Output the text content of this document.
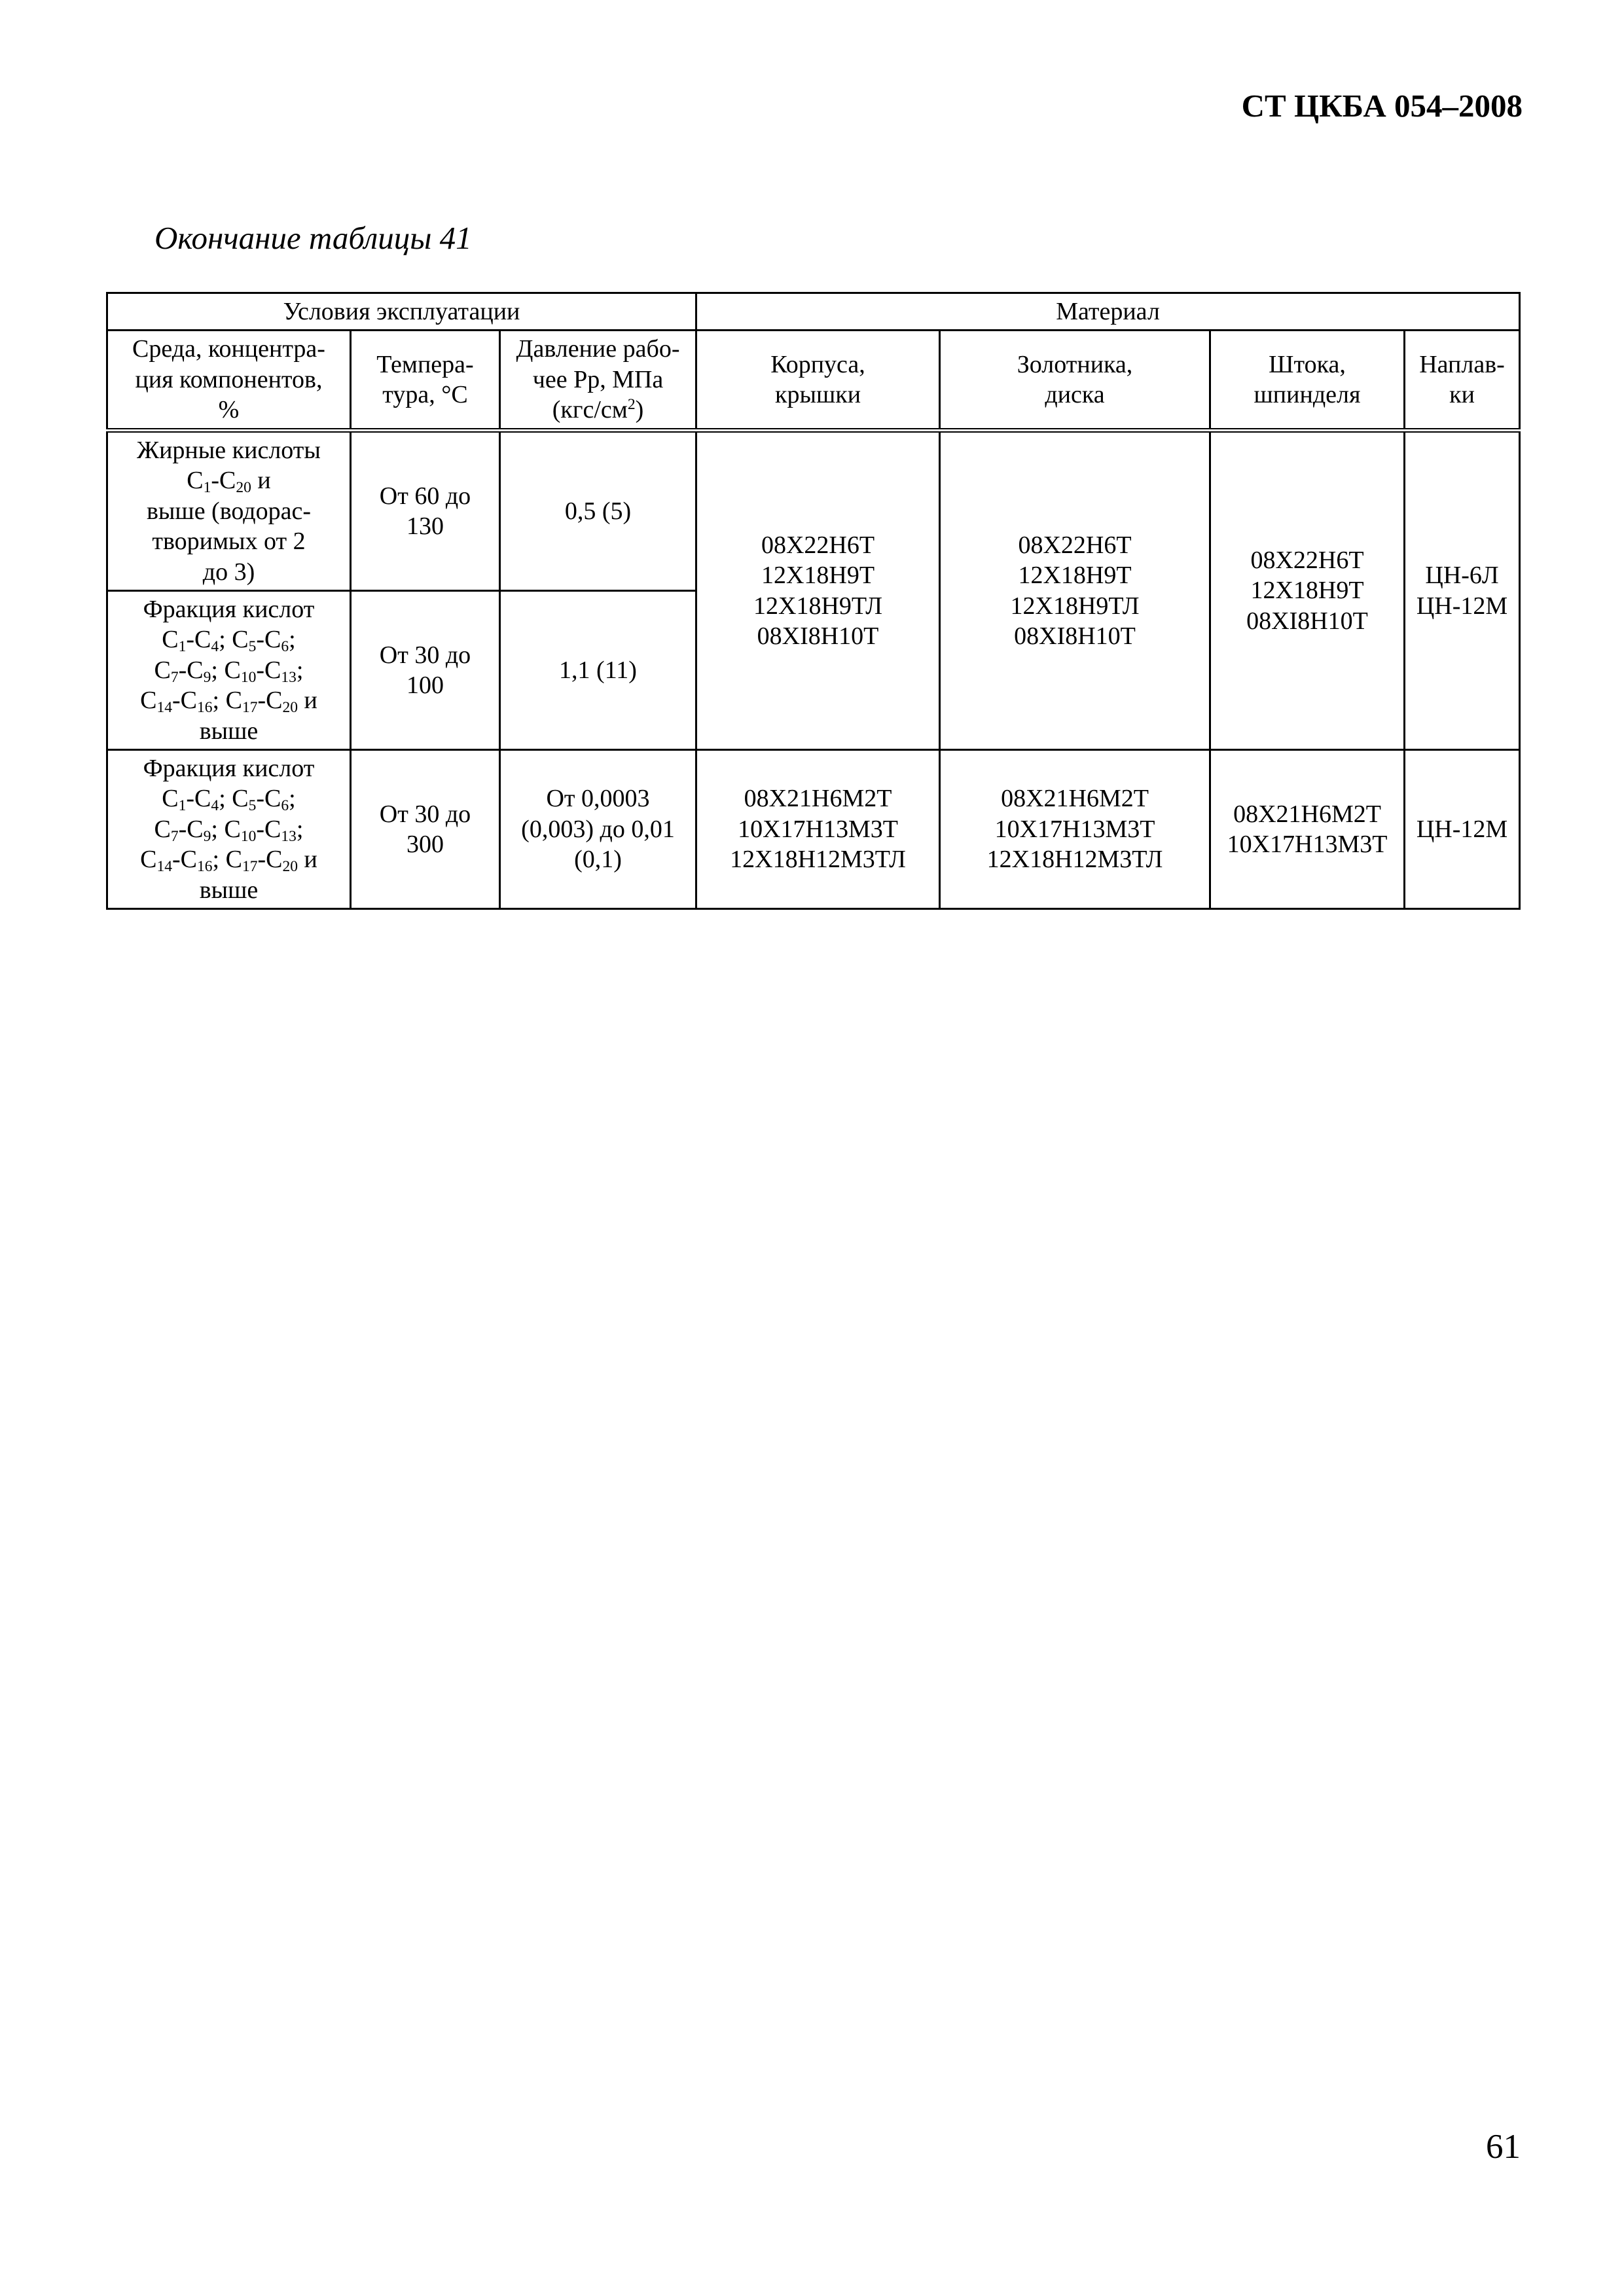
СТ ЦКБА 054–2008
Окончание таблицы 41
Условия эксплуатации			Материал			
Среда, концентра-
ция компонентов,
%	Темпера-
тура, °С	Давление рабо-
чее Рр, МПа
$(кгс/см^2)$	Корпуса,
крышки	Золотника,
диска	Штока,
шпинделя	Наплав-
ки
Жирные кислоты
$С_1-С_{20}$ и
выше (водорас-
творимых от 2
до 3)	От 60 до
130	0,5 (5)	08Х22Н6Т
12Х18Н9Т
12Х18Н9ТЛ
08ХI8Н10Т	08Х22Н6Т
12Х18Н9Т
12Х18Н9ТЛ
08ХI8Н10Т	08Х22Н6Т
12Х18Н9Т
08ХI8Н10Т	ЦН-6Л
ЦН-12М
Фракция кислот
$С_1-С_4$; $С_5-С_6$;
$С_7-С_9$; $С_{10}-С_{13}$;
$С_{14}-С_{16}$; $С_{17}-С_{20}$ и
выше	От 30 до
100	1,1 (11)				
Фракция кислот
$С_1-С_4$; $С_5-С_6$;
$С_7-С_9$; $С_{10}-С_{13}$;
$С_{14}-С_{16}$; $С_{17}-С_{20}$ и
выше	От 30 до
300	От 0,0003
(0,003) до 0,01
(0,1)	08Х21Н6М2Т
10Х17Н13М3Т
12Х18Н12М3ТЛ	08Х21Н6М2Т
10Х17Н13М3Т
12Х18Н12М3ТЛ	08Х21Н6М2Т
10Х17Н13М3Т	ЦН-12М
61
